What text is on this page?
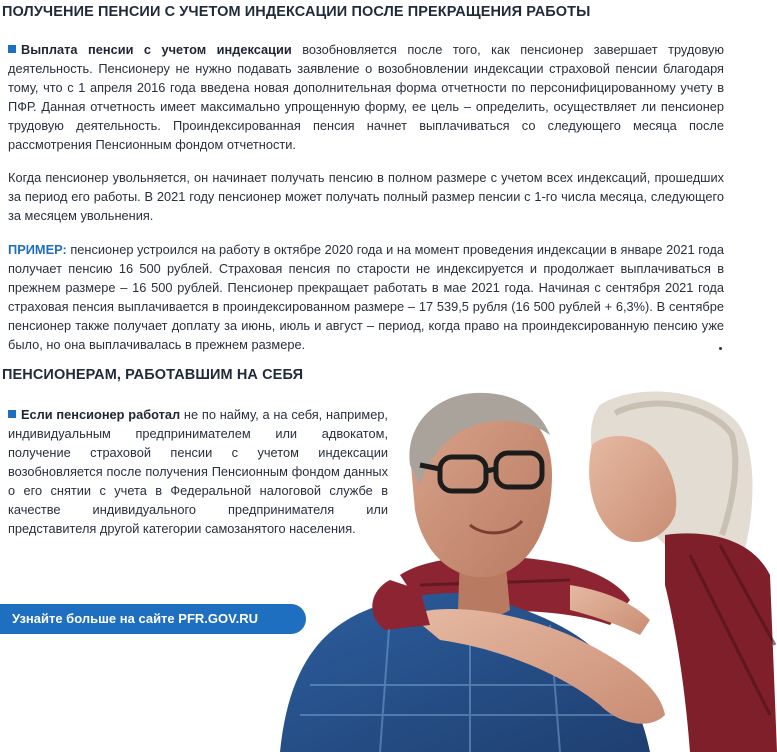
ПОЛУЧЕНИЕ ПЕНСИИ С УЧЕТОМ ИНДЕКСАЦИИ ПОСЛЕ ПРЕКРАЩЕНИЯ РАБОТЫ

Выплата пенсии с учетом индексации возобновляется после того, как пенсионер завершает трудовую деятельность. Пенсионеру не нужно подавать заявление о возобновлении индексации страховой пенсии благодаря тому, что с 1 апреля 2016 года введена новая дополнительная форма отчетности по персонифицированному учету в ПФР. Данная отчетность имеет максимально упрощенную форму, ее цель – определить, осуществляет ли пенсионер трудовую деятельность. Проиндексированная пенсия начнет выплачиваться со следующего месяца после рассмотрения Пенсионным фондом отчетности.

Когда пенсионер увольняется, он начинает получать пенсию в полном размере с учетом всех индексаций, прошедших за период его работы. В 2021 году пенсионер может получать полный размер пенсии с 1-го числа месяца, следующего за месяцем увольнения.

ПРИМЕР: пенсионер устроился на работу в октябре 2020 года и на момент проведения индексации в январе 2021 года получает пенсию 16 500 рублей. Страховая пенсия по старости не индексируется и продолжает выплачиваться в прежнем размере – 16 500 рублей. Пенсионер прекращает работать в мае 2021 года. Начиная с сентября 2021 года страховая пенсия выплачивается в проиндексированном размере – 17 539,5 рубля (16 500 рублей + 6,3%). В сентябре пенсионер также получает доплату за июнь, июль и август – период, когда право на проиндексированную пенсию уже было, но она выплачивалась в прежнем размере.

ПЕНСИОНЕРАМ, РАБОТАВШИМ НА СЕБЯ

Если пенсионер работал не по найму, а на себя, например, индивидуальным предпринимателем или адвокатом, получение страховой пенсии с учетом индексации возобновляется после получения Пенсионным фондом данных о его снятии с учета в Федеральной налоговой службе в качестве индивидуального предпринимателя или представителя другой категории самозанятого населения.

Узнайте больше на сайте PFR.GOV.RU
